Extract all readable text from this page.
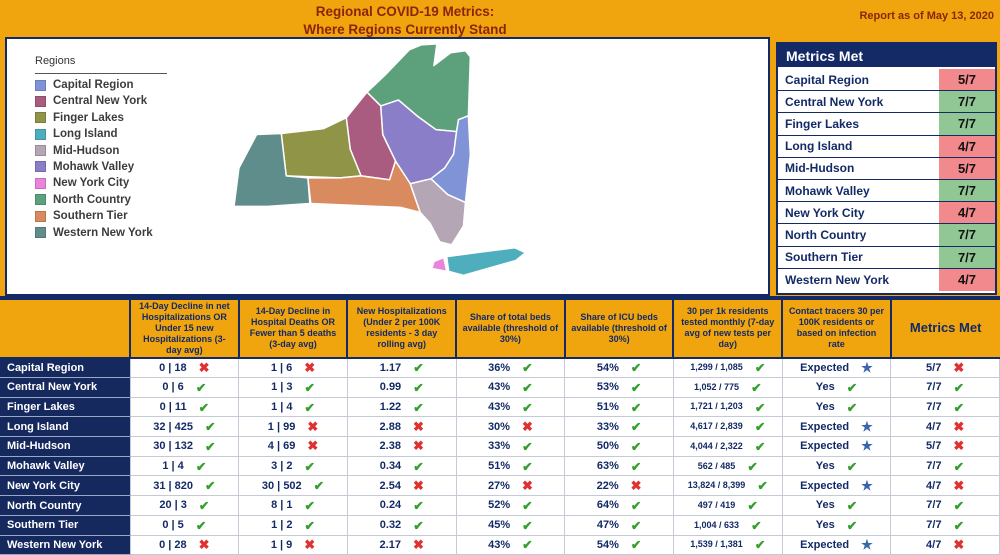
Regional COVID-19 Metrics:
Where Regions Currently Stand
Report as of May 13, 2020
Regions
Capital Region
Central New York
Finger Lakes
Long Island
Mid-Hudson
Mohawk Valley
New York City
North Country
Southern Tier
Western New York
Metrics Met
Capital Region	5/7
Central New York	7/7
Finger Lakes	7/7
Long Island	4/7
Mid-Hudson	5/7
Mohawk Valley	7/7
New York City	4/7
North Country	7/7
Southern Tier	7/7
Western New York	4/7
	14-Day Decline in net Hospitalizations OR Under 15 new Hospitalizations (3-day avg)	14-Day Decline in Hospital Deaths OR Fewer than 5 deaths (3-day avg)	New Hospitalizations (Under 2 per 100K residents - 3 day rolling avg)	Share of total beds available (threshold of 30%)	Share of ICU beds available (threshold of 30%)	30 per 1k residents tested monthly (7-day avg of new tests per day)	Contact tracers 30 per 100K residents or based on infection rate	Metrics Met
Capital Region	0 | 18 ✖	1 | 6 ✖	1.17 ✔	36% ✔	54% ✔	1,299 / 1,085 ✔	Expected ★	5/7 ✖
Central New York	0 | 6 ✔	1 | 3 ✔	0.99 ✔	43% ✔	53% ✔	1,052 / 775 ✔	Yes ✔	7/7 ✔
Finger Lakes	0 | 11 ✔	1 | 4 ✔	1.22 ✔	43% ✔	51% ✔	1,721 / 1,203 ✔	Yes ✔	7/7 ✔
Long Island	32 | 425 ✔	1 | 99 ✖	2.88 ✖	30% ✖	33% ✔	4,617 / 2,839 ✔	Expected ★	4/7 ✖
Mid-Hudson	30 | 132 ✔	4 | 69 ✖	2.38 ✖	33% ✔	50% ✔	4,044 / 2,322 ✔	Expected ★	5/7 ✖
Mohawk Valley	1 | 4 ✔	3 | 2 ✔	0.34 ✔	51% ✔	63% ✔	562 / 485 ✔	Yes ✔	7/7 ✔
New York City	31 | 820 ✔	30 | 502 ✔	2.54 ✖	27% ✖	22% ✖	13,824 / 8,399 ✔	Expected ★	4/7 ✖
North Country	20 | 3 ✔	8 | 1 ✔	0.24 ✔	52% ✔	64% ✔	497 / 419 ✔	Yes ✔	7/7 ✔
Southern Tier	0 | 5 ✔	1 | 2 ✔	0.32 ✔	45% ✔	47% ✔	1,004 / 633 ✔	Yes ✔	7/7 ✔
Western New York	0 | 28 ✖	1 | 9 ✖	2.17 ✖	43% ✔	54% ✔	1,539 / 1,381 ✔	Expected ★	4/7 ✖
